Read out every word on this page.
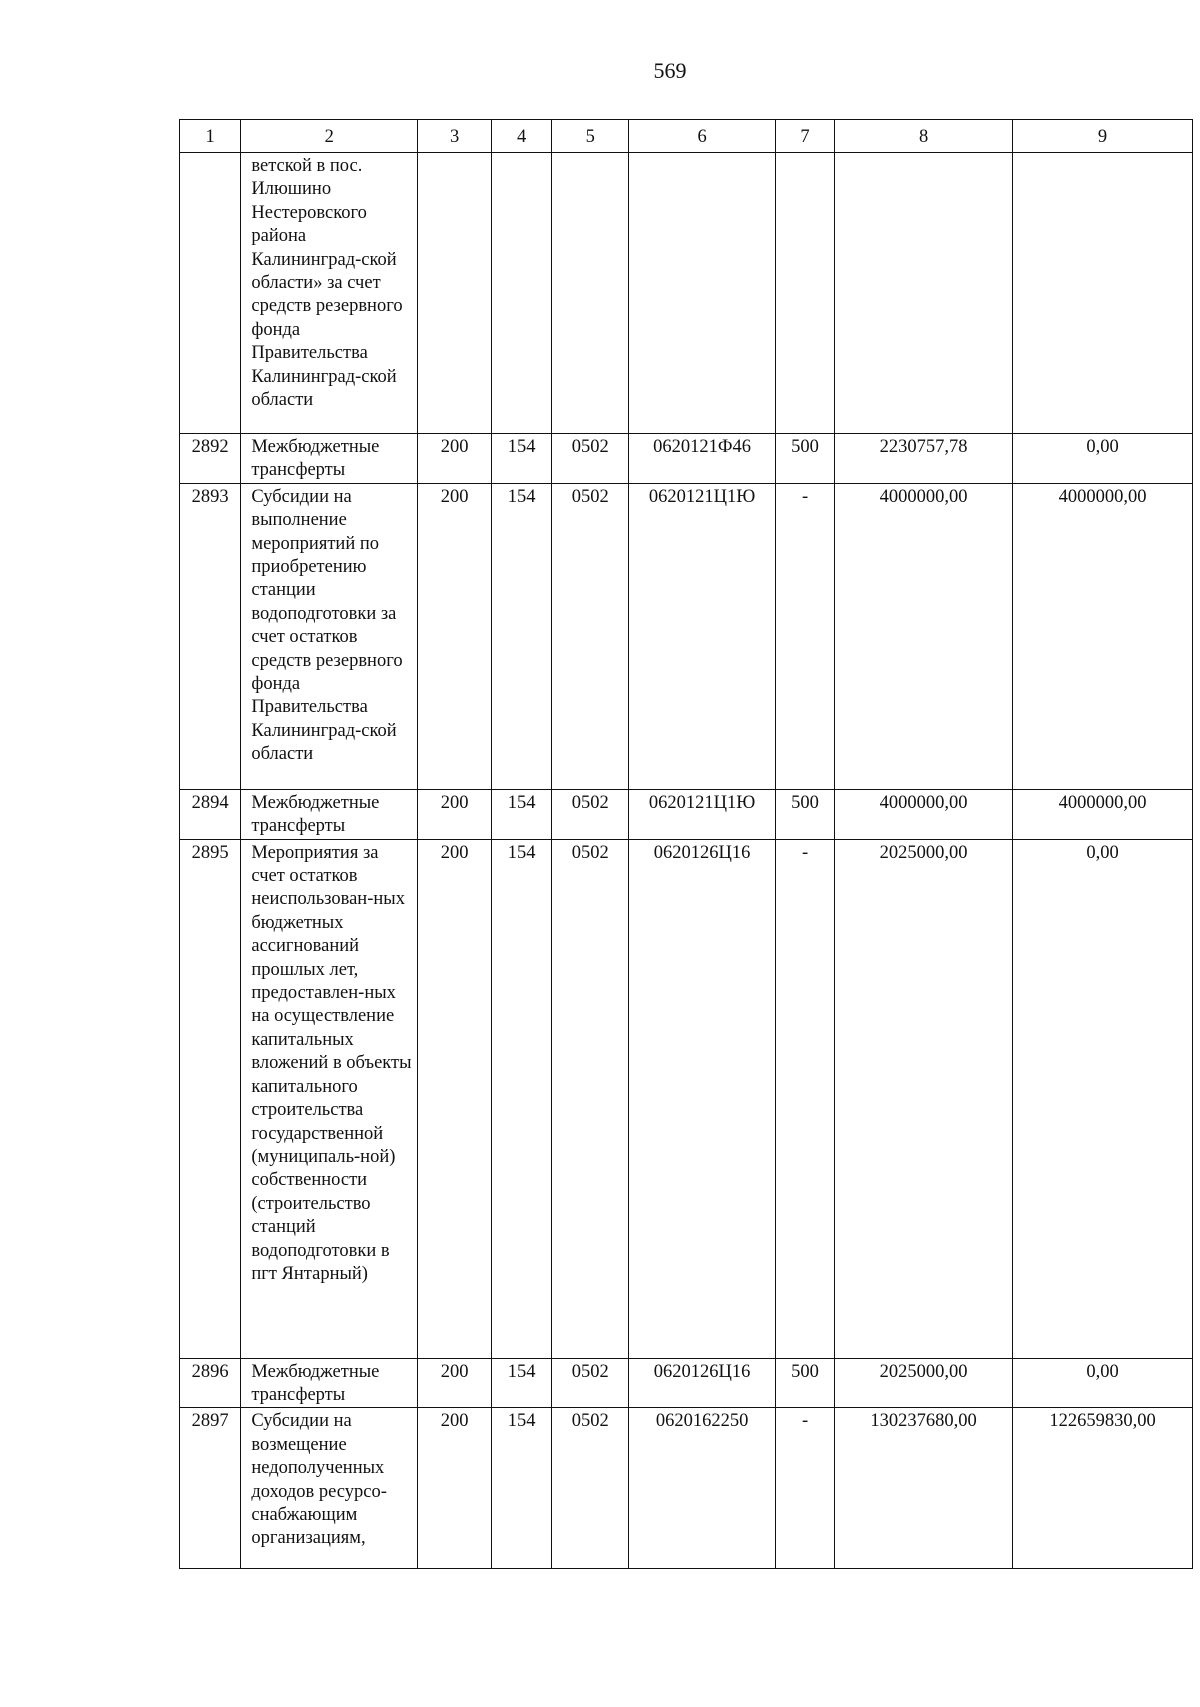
569
1	2	3	4	5	6	7	8	9
	ветской в пос. Илюшино Нестеровского района Калининград-ской области» за счет средств резервного фонда Правительства Калининград-ской области							
2892	Межбюджетные трансферты	200	154	0502	0620121Ф46	500	2230757,78	0,00
2893	Субсидии на выполнение мероприятий по приобретению станции водоподготовки за счет остатков средств резервного фонда Правительства Калининград-ской области	200	154	0502	0620121Ц1Ю	-	4000000,00	4000000,00
2894	Межбюджетные трансферты	200	154	0502	0620121Ц1Ю	500	4000000,00	4000000,00
2895	Мероприятия за счет остатков неиспользован-ных бюджетных ассигнований прошлых лет, предоставлен-ных на осуществление капитальных вложений в объекты капитального строительства государственной (муниципаль-ной) собственности (строительство станций водоподготовки в пгт Янтарный)	200	154	0502	0620126Ц16	-	2025000,00	0,00
2896	Межбюджетные трансферты	200	154	0502	0620126Ц16	500	2025000,00	0,00
2897	Субсидии на возмещение недополученных доходов ресурсо-снабжающим организациям,	200	154	0502	0620162250	-	130237680,00	122659830,00
